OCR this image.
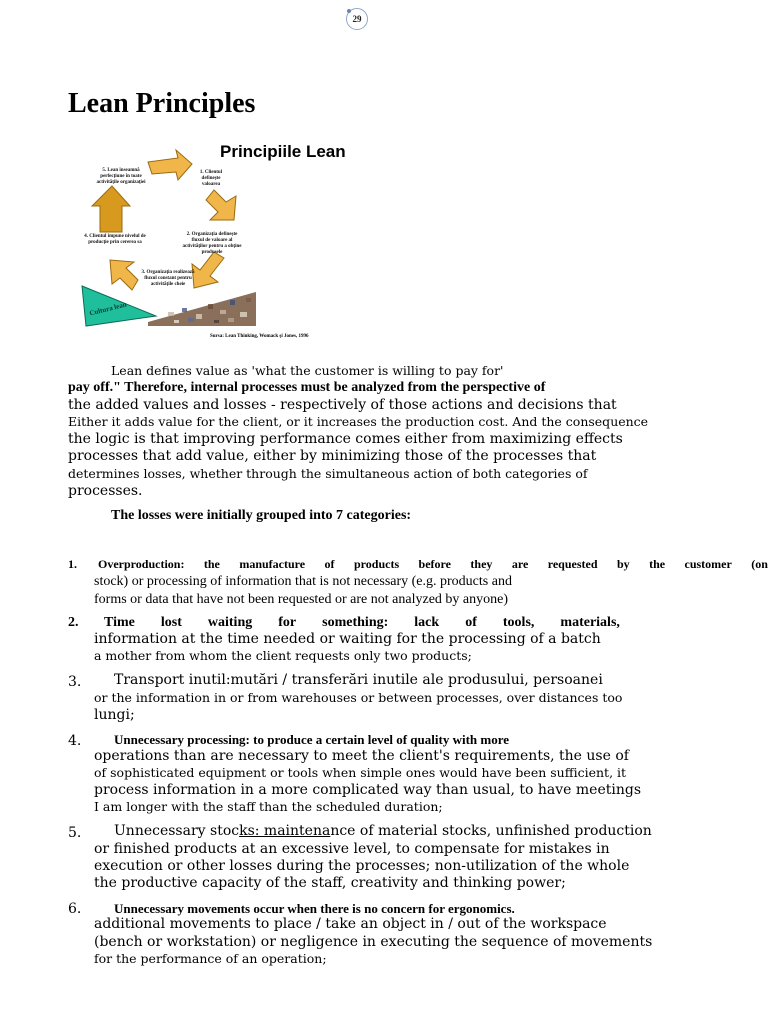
29
Lean Principles
Principiile Lean
5. Lean înseamnă perfecţiune în toate activităţile organizaţiei
1. Clientul defineşte valoarea
2. Organizaţia defineşte fluxul de valoare al activităţilor pentru a obţine produsele
4. Clientul impune nivelul de producţie prin cererea sa
3. Organizaţia realizează fluxul constant pentru activităţile cheie
Cultura lean
Sursa: Lean Thinking, Womack şi Jones, 1996
Lean defines value as 'what the customer is willing to pay for'
pay off." Therefore, internal processes must be analyzed from the perspective of
the added values and losses - respectively of those actions and decisions that
Either it adds value for the client, or it increases the production cost. And the consequence
the logic is that improving performance comes either from maximizing effects
processes that add value, either by minimizing those of the processes that
determines losses, whether through the simultaneous action of both categories of
processes.
The losses were initially grouped into 7 categories:
1. Overproduction: the manufacture of products before they are requested by the customer (on
stock) or processing of information that is not necessary (e.g. products and
forms or data that have not been requested or are not analyzed by anyone)
2. Time lost waiting for something: lack of tools, materials,
information at the time needed or waiting for the processing of a batch
a mother from whom the client requests only two products;
3. Transport inutil:mutări / transferări inutile ale produsului, persoanei
or the information in or from warehouses or between processes, over distances too
lungi;
4.	Unnecessary processing: to produce a certain level of quality with more
operations than are necessary to meet the client's requirements, the use of
of sophisticated equipment or tools when simple ones would have been sufficient, it
process information in a more complicated way than usual, to have meetings
I am longer with the staff than the scheduled duration;
5. Unnecessary stocks: maintenance of material stocks, unfinished production
or finished products at an excessive level, to compensate for mistakes in
execution or other losses during the processes; non-utilization of the whole
the productive capacity of the staff, creativity and thinking power;
6.	Unnecessary movements occur when there is no concern for ergonomics.
additional movements to place / take an object in / out of the workspace
(bench or workstation) or negligence in executing the sequence of movements
for the performance of an operation;
